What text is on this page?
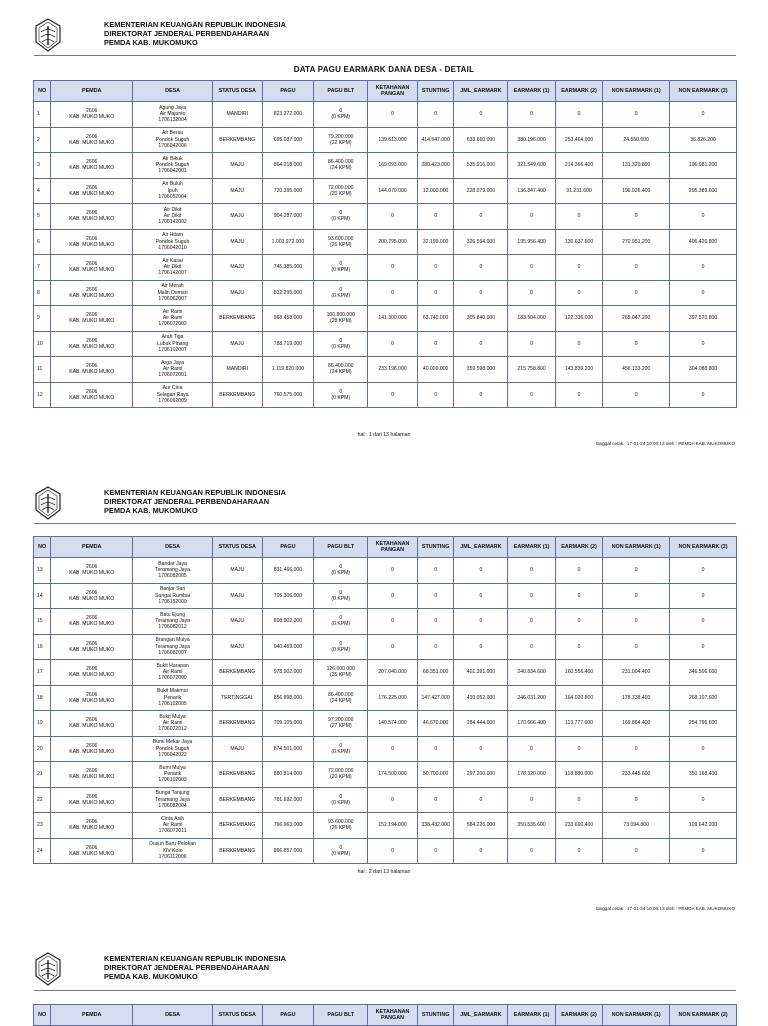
KEMENTERIAN KEUANGAN REPUBLIK INDONESIA
DIREKTORAT JENDERAL PERBENDAHARAAN
PEMDA KAB. MUKOMUKO
DATA PAGU EARMARK DANA DESA - DETAIL
NO	PEMDA	DESA	STATUS DESA	PAGU	PAGU BLT	KETAHANAN
PANGAN	STUNTING	JML_EARMARK	EARMARK (1)	EARMARK (2)	NON EARMARK (1)	NON EARMARK (2)
1	2606
KAB. MUKO MUKO	Agung Jaya
Air Majunto
1706132004	MANDIRI	823.272.000	0
(0 KPM)	0	0	0	0	0	0	0
2	2606
KAB. MUKO MUKO	Air Berau
Pondok Suguh
1706042006	BERKEMBANG	695.037.000	79.200.000
(22 KPM)	139.613.000	414.647.000	633.660.000	380.196.000	253.464.000	24.550.600	36.826.200
3	2606
KAB. MUKO MUKO	Air Bikuk
Pondok Suguh
1706042001	MAJU	864.218.000	86.400.000
(24 KPM)	169.093.000	280.423.000	535.916.000	321.549.600	214.366.400	131.320.800	196.981.200
4	2606
KAB. MUKO MUKO	Air Buluh
Ipuh
1706052004	MAJU	720.395.000	72.000.000
(20 KPM)	144.079.000	12.000.000	228.079.000	136.847.400	91.231.600	196.926.400	295.389.600
5	2606
KAB. MUKO MUKO	Air Dikit
Air Dikit
1706142002	MAJU	904.287.000	0
(0 KPM)	0	0	0	0	0	0	0
6	2606
KAB. MUKO MUKO	Air Hitam
Pondok Suguh
1706042010	MAJU	1.003.972.000	93.600.000
(26 KPM)	200.795.000	32.199.000	326.594.000	195.956.400	130.637.600	270.951.200	406.426.800
7	2606
KAB. MUKO MUKO	Air Kasai
Air Dikit
1706142007	MAJU	745.385.000	0
(0 KPM)	0	0	0	0	0	0	0
8	2606
KAB. MUKO MUKO	Air Merah
Malin Deman
1706062007	MAJU	832.295.000	0
(0 KPM)	0	0	0	0	0	0	0
9	2606
KAB. MUKO MUKO	Air Rami
Air Rami
1706072002	BERKEMBANG	968.458.000	100.800.000
(28 KPM)	141.300.000	63.740.000	305.840.000	183.504.000	122.336.000	265.047.200	397.570.800
10	2606
KAB. MUKO MUKO	Arah Tiga
Lubuk Pinang
1706102007	MAJU	788.719.000	0
(0 KPM)	0	0	0	0	0	0	0
11	2606
KAB. MUKO MUKO	Arga Jaya
Air Rami
1706072001	MANDIRI	1.119.820.000	86.400.000
(24 KPM)	233.198.000	40.000.000	359.598.000	215.758.800	143.839.200	456.133.200	304.088.800
12	2606
KAB. MUKO MUKO	Aur Cina
Selagan Raya
1706092009	BERKEMBANG	760.575.000	0
(0 KPM)	0	0	0	0	0	0	0
hal : 1 dari 13 halaman
tanggal cetak : 17-01-24 10:00:13 oleh : PEMDA KAB. MUKOMUKO
KEMENTERIAN KEUANGAN REPUBLIK INDONESIA
DIREKTORAT JENDERAL PERBENDAHARAAN
PEMDA KAB. MUKOMUKO
NO	PEMDA	DESA	STATUS DESA	PAGU	PAGU BLT	KETAHANAN
PANGAN	STUNTING	JML_EARMARK	EARMARK (1)	EARMARK (2)	NON EARMARK (1)	NON EARMARK (2)
13	2606
KAB. MUKO MUKO	Bandar Jaya
Teramang Jaya
1706082005	MAJU	831.466.000	0
(0 KPM)	0	0	0	0	0	0	0
14	2606
KAB. MUKO MUKO	Banjar Sari
Sungai Rumbai
1706152009	MAJU	705.306.000	0
(0 KPM)	0	0	0	0	0	0	0
15	2606
KAB. MUKO MUKO	Batu Ejung
Teramang Jaya
1706082012	MAJU	808.902.000	0
(0 KPM)	0	0	0	0	0	0	0
16	2606
KAB. MUKO MUKO	Brangan Mulya
Teramang Jaya
1706082007	MAJU	940.469.000	0
(0 KPM)	0	0	0	0	0	0	0
17	2606
KAB. MUKO MUKO	Bukit Harapan
Air Rami
1706072009	BERKEMBANG	978.902.000	126.000.000
(35 KPM)	207.040.000	68.351.000	401.391.000	240.834.600	160.556.400	231.004.400	346.506.600
18	2606
KAB. MUKO MUKO	Bukit Makmur
Penarik
1706102005	TERTINGGAL	856.898.000	86.400.000
(24 KPM)	176.225.000	147.427.000	410.052.000	246.031.200	164.020.800	178.738.400	268.107.600
19	2606
KAB. MUKO MUKO	Bukit Mulya
Air Rami
1706072012	BERKEMBANG	709.105.000	97.200.000
(27 KPM)	140.574.000	46.670.000	284.444.000	170.666.400	113.777.600	169.864.400	254.796.600
20	2606
KAB. MUKO MUKO	Bumi Mekar Jaya
Pondok Suguh
1706042022	MAJU	874.501.000	0
(0 KPM)	0	0	0	0	0	0	0
21	2606
KAB. MUKO MUKO	Bumi Mulya
Penarik
1706102003	BERKEMBANG	880.814.000	72.000.000
(20 KPM)	174.500.000	50.700.000	297.200.000	178.320.000	118.880.000	233.445.600	350.168.400
22	2606
KAB. MUKO MUKO	Bunga Tanjung
Teramang Jaya
1706082004	BERKEMBANG	781.692.000	0
(0 KPM)	0	0	0	0	0	0	0
23	2606
KAB. MUKO MUKO	Cinta Asih
Air Rami
1706072011	BERKEMBANG	766.963.000	93.600.000
(26 KPM)	152.194.000	338.432.000	584.226.000	350.535.600	233.690.400	73.094.800	109.642.200
24	2606
KAB. MUKO MUKO	Dusun Baru Pelokan
XIV Koto
1706112006	BERKEMBANG	866.857.000	0
(0 KPM)	0	0	0	0	0	0	0
hal : 2 dari 13 halaman
tanggal cetak : 17-01-24 10:00:13 oleh : PEMDA KAB. MUKOMUKO
KEMENTERIAN KEUANGAN REPUBLIK INDONESIA
DIREKTORAT JENDERAL PERBENDAHARAAN
PEMDA KAB. MUKOMUKO
NO	PEMDA	DESA	STATUS DESA	PAGU	PAGU BLT	KETAHANAN
PANGAN	STUNTING	JML_EARMARK	EARMARK (1)	EARMARK (2)	NON EARMARK (1)	NON EARMARK (2)
